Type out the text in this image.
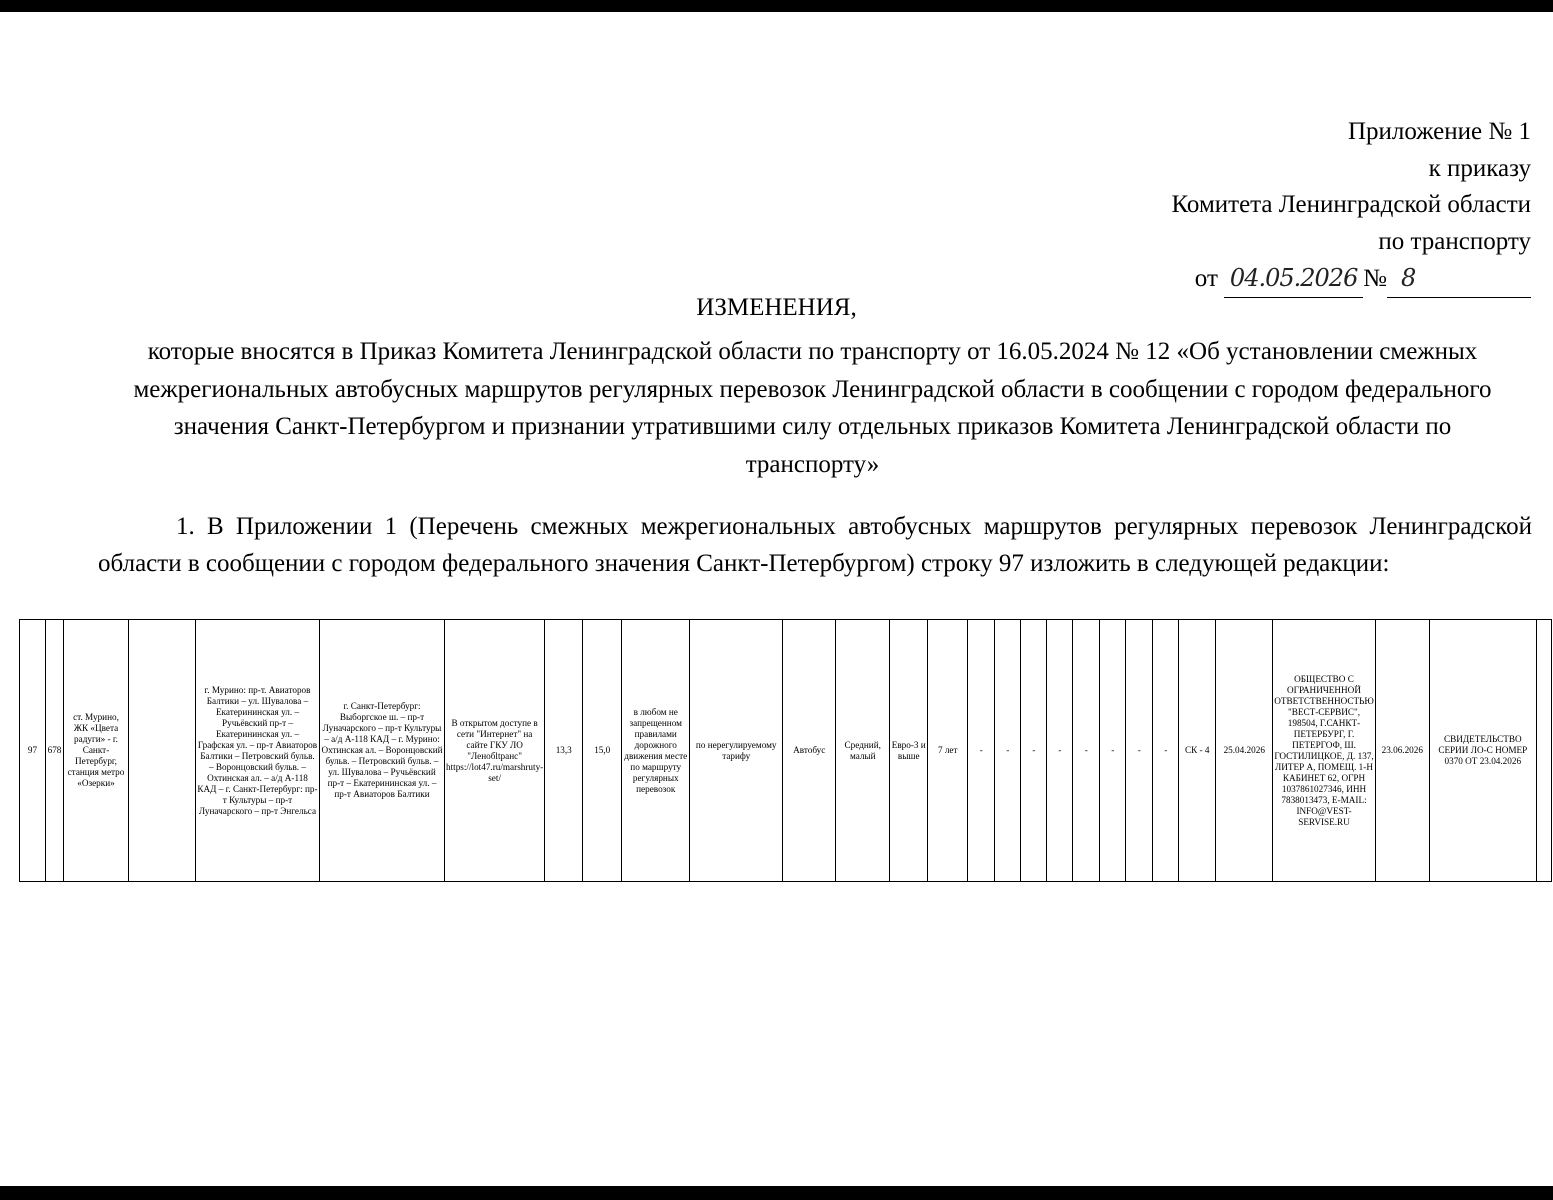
Приложение № 1
к приказу
Комитета Ленинградской области
по транспорту
от 04.05.2026 № 8
ИЗМЕНЕНИЯ,
которые вносятся в Приказ Комитета Ленинградской области по транспорту от 16.05.2024 № 12 «Об установлении смежных межрегиональных автобусных маршрутов регулярных перевозок Ленинградской области в сообщении с городом федерального значения Санкт-Петербургом и признании утратившими силу отдельных приказов Комитета Ленинградской области по транспорту»
1. В Приложении 1 (Перечень смежных межрегиональных автобусных маршрутов регулярных перевозок Ленинградской области в сообщении с городом федерального значения Санкт-Петербургом) строку 97 изложить в следующей редакции:
97	678	ст. Мурино, ЖК «Цвета радуги» - г. Санкт-Петербург, станция метро «Озерки»		г. Мурино: пр-т. Авиаторов Балтики – ул. Шувалова – Екатерининская ул. – Ручьёвский пр-т – Екатерининская ул. – Графская ул. – пр-т Авиаторов Балтики – Петровский бульв. – Воронцовский бульв. – Охтинская ал. – а/д А-118 КАД – г. Санкт-Петербург: пр-т Культуры – пр-т Луначарского – пр-т Энгельса	г. Санкт-Петербург: Выборгское ш. – пр-т Луначарского – пр-т Культуры – а/д А-118 КАД – г. Мурино: Охтинская ал. – Воронцовский бульв. – Петровский бульв. – ул. Шувалова – Ручьёвский пр-т – Екатерининская ул. – пр-т Авиаторов Балтики	В открытом доступе в сети "Интернет" на сайте ГКУ ЛО "Ленобltранс" https://lot47.ru/marshruty-set/	13,3	15,0	в любом не запрещенном правилами дорожного движения месте по маршруту регулярных перевозок	по нерегулируемому тарифу	Автобус	Средний, малый	Евро-3 и выше	7 лет	-	-	-	-	-	-	-	-	СК - 4	25.04.2026	ОБЩЕСТВО С ОГРАНИЧЕННОЙ ОТВЕТСТВЕННОСТЬЮ "ВЕСТ-СЕРВИС", 198504, Г.САНКТ-ПЕТЕРБУРГ, Г. ПЕТЕРГОФ, Ш. ГОСТИЛИЦКОЕ, Д. 137, ЛИТЕР А, ПОМЕЩ. 1-Н КАБИНЕТ 62, ОГРН 1037861027346, ИНН 7838013473, E-MAIL: INFO@VEST-SERVISE.RU	23.06.2026	СВИДЕТЕЛЬСТВО СЕРИИ ЛО-С НОМЕР 0370 ОТ 23.04.2026	
